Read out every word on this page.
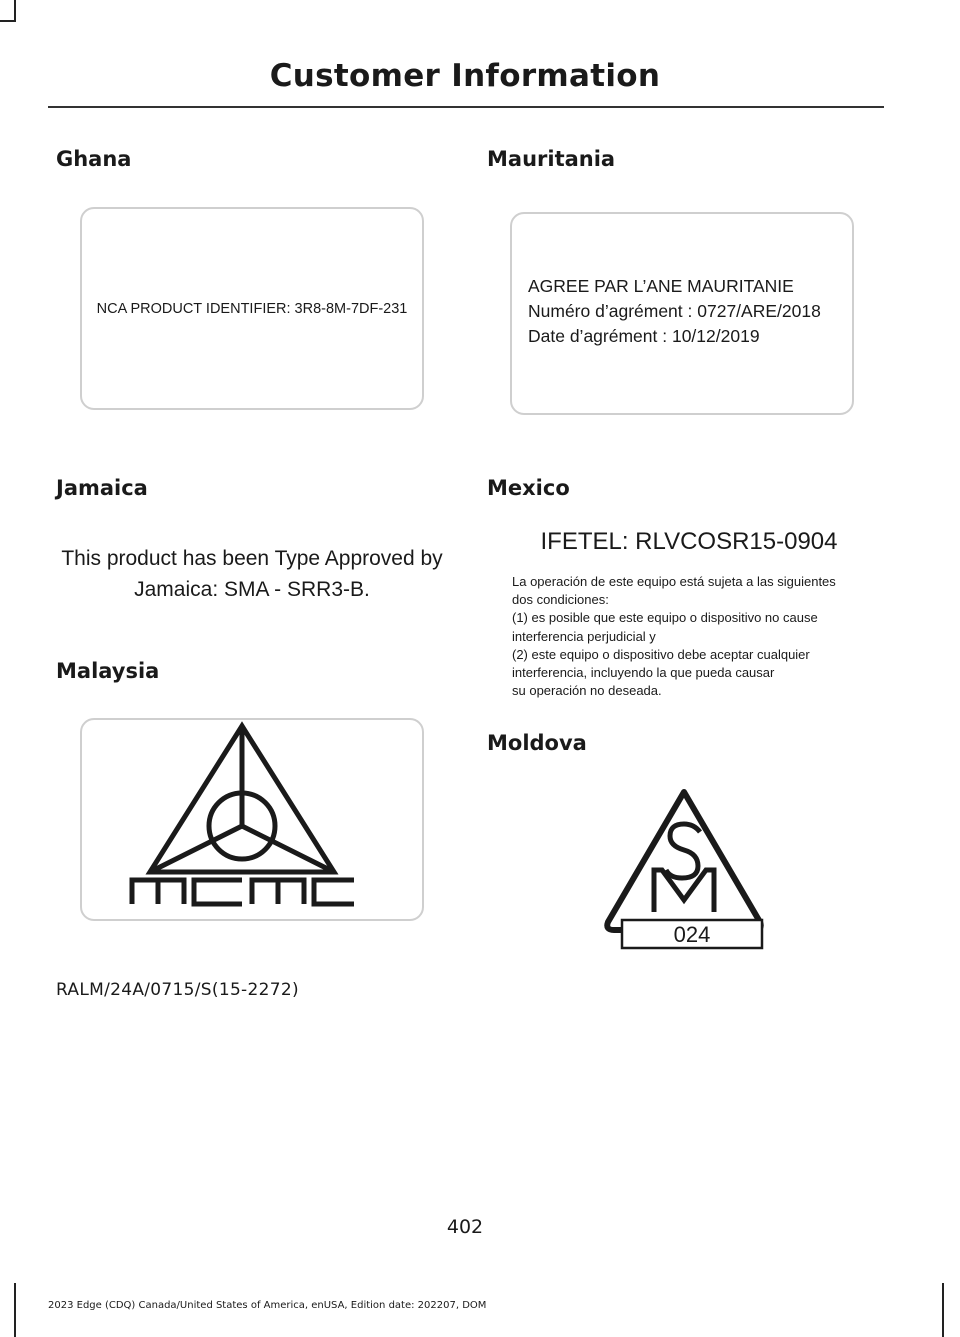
Customer Information
Ghana
NCA PRODUCT IDENTIFIER: 3R8-8M-7DF-231
Mauritania
AGREE PAR L’ANE MAURITANIE
Numéro d’agrément : 0727/ARE/2018
Date d’agrément : 10/12/2019
Jamaica
This product has been Type Approved by Jamaica: SMA - SRR3-B.
Mexico
IFETEL: RLVCOSR15-0904
La operación de este equipo está sujeta a las siguientes
dos condiciones:
(1) es posible que este equipo o dispositivo no cause
interferencia perjudicial y
(2) este equipo o dispositivo debe aceptar cualquier
interferencia, incluyendo la que pueda causar
su operación no deseada.
Malaysia
RALM/24A/0715/S(15-2272)
Moldova
024
402
2023 Edge (CDQ) Canada/United States of America, enUSA, Edition date: 202207, DOM
